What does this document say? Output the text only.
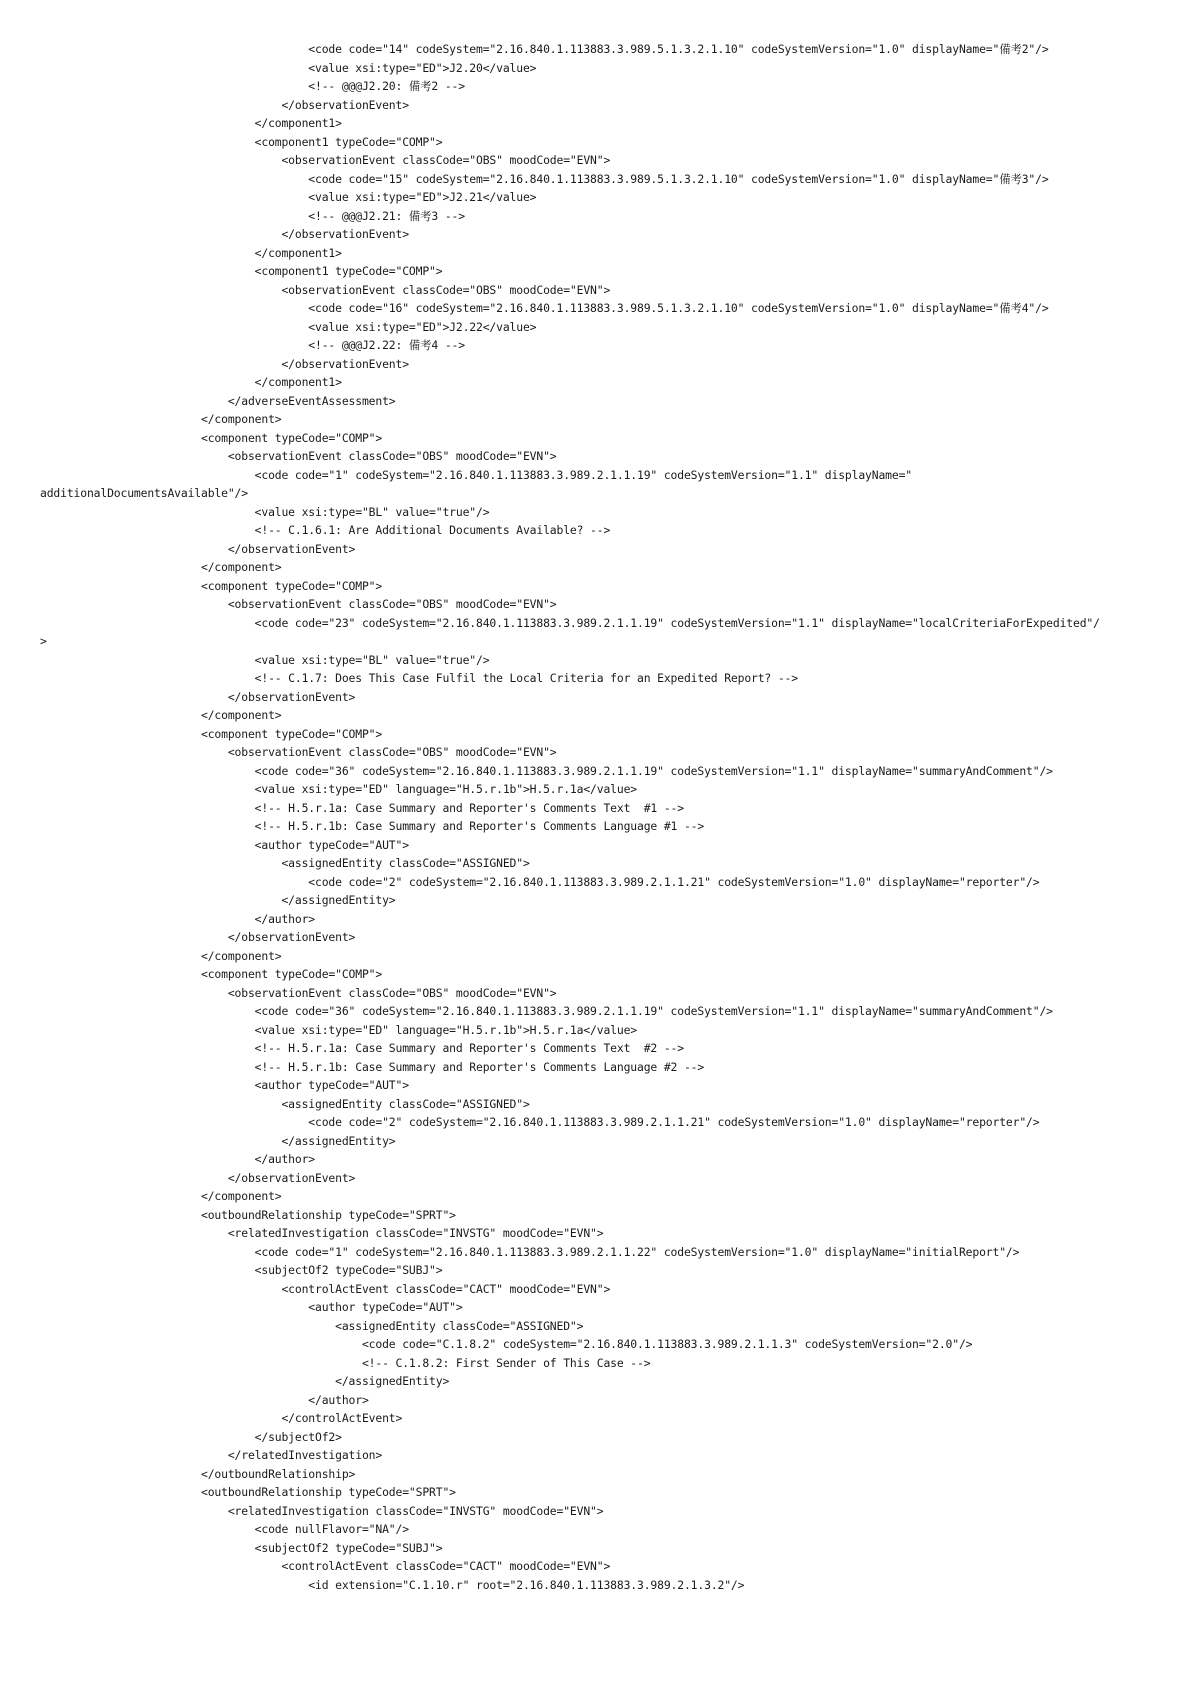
<code code="14" codeSystem="2.16.840.1.113883.3.989.5.1.3.2.1.10" codeSystemVersion="1.0" displayName="備考2"/>
<value xsi:type="ED">J2.20</value>
<!-- @@@J2.20: 備考2 -->
</observationEvent>
</component1>
<component1 typeCode="COMP">
<observationEvent classCode="OBS" moodCode="EVN">
<code code="15" codeSystem="2.16.840.1.113883.3.989.5.1.3.2.1.10" codeSystemVersion="1.0" displayName="備考3"/>
<value xsi:type="ED">J2.21</value>
<!-- @@@J2.21: 備考3 -->
</observationEvent>
</component1>
<component1 typeCode="COMP">
<observationEvent classCode="OBS" moodCode="EVN">
<code code="16" codeSystem="2.16.840.1.113883.3.989.5.1.3.2.1.10" codeSystemVersion="1.0" displayName="備考4"/>
<value xsi:type="ED">J2.22</value>
<!-- @@@J2.22: 備考4 -->
</observationEvent>
</component1>
</adverseEventAssessment>
</component>
<component typeCode="COMP">
<observationEvent classCode="OBS" moodCode="EVN">
<code code="1" codeSystem="2.16.840.1.113883.3.989.2.1.1.19" codeSystemVersion="1.1" displayName="
additionalDocumentsAvailable"/>
<value xsi:type="BL" value="true"/>
<!-- C.1.6.1: Are Additional Documents Available? -->
</observationEvent>
</component>
<component typeCode="COMP">
<observationEvent classCode="OBS" moodCode="EVN">
<code code="23" codeSystem="2.16.840.1.113883.3.989.2.1.1.19" codeSystemVersion="1.1" displayName="localCriteriaForExpedited"/
>
<value xsi:type="BL" value="true"/>
<!-- C.1.7: Does This Case Fulfil the Local Criteria for an Expedited Report? -->
</observationEvent>
</component>
<component typeCode="COMP">
<observationEvent classCode="OBS" moodCode="EVN">
<code code="36" codeSystem="2.16.840.1.113883.3.989.2.1.1.19" codeSystemVersion="1.1" displayName="summaryAndComment"/>
<value xsi:type="ED" language="H.5.r.1b">H.5.r.1a</value>
<!-- H.5.r.1a: Case Summary and Reporter's Comments Text  #1 -->
<!-- H.5.r.1b: Case Summary and Reporter's Comments Language #1 -->
<author typeCode="AUT">
<assignedEntity classCode="ASSIGNED">
<code code="2" codeSystem="2.16.840.1.113883.3.989.2.1.1.21" codeSystemVersion="1.0" displayName="reporter"/>
</assignedEntity>
</author>
</observationEvent>
</component>
<component typeCode="COMP">
<observationEvent classCode="OBS" moodCode="EVN">
<code code="36" codeSystem="2.16.840.1.113883.3.989.2.1.1.19" codeSystemVersion="1.1" displayName="summaryAndComment"/>
<value xsi:type="ED" language="H.5.r.1b">H.5.r.1a</value>
<!-- H.5.r.1a: Case Summary and Reporter's Comments Text  #2 -->
<!-- H.5.r.1b: Case Summary and Reporter's Comments Language #2 -->
<author typeCode="AUT">
<assignedEntity classCode="ASSIGNED">
<code code="2" codeSystem="2.16.840.1.113883.3.989.2.1.1.21" codeSystemVersion="1.0" displayName="reporter"/>
</assignedEntity>
</author>
</observationEvent>
</component>
<outboundRelationship typeCode="SPRT">
<relatedInvestigation classCode="INVSTG" moodCode="EVN">
<code code="1" codeSystem="2.16.840.1.113883.3.989.2.1.1.22" codeSystemVersion="1.0" displayName="initialReport"/>
<subjectOf2 typeCode="SUBJ">
<controlActEvent classCode="CACT" moodCode="EVN">
<author typeCode="AUT">
<assignedEntity classCode="ASSIGNED">
<code code="C.1.8.2" codeSystem="2.16.840.1.113883.3.989.2.1.1.3" codeSystemVersion="2.0"/>
<!-- C.1.8.2: First Sender of This Case -->
</assignedEntity>
</author>
</controlActEvent>
</subjectOf2>
</relatedInvestigation>
</outboundRelationship>
<outboundRelationship typeCode="SPRT">
<relatedInvestigation classCode="INVSTG" moodCode="EVN">
<code nullFlavor="NA"/>
<subjectOf2 typeCode="SUBJ">
<controlActEvent classCode="CACT" moodCode="EVN">
<id extension="C.1.10.r" root="2.16.840.1.113883.3.989.2.1.3.2"/>
